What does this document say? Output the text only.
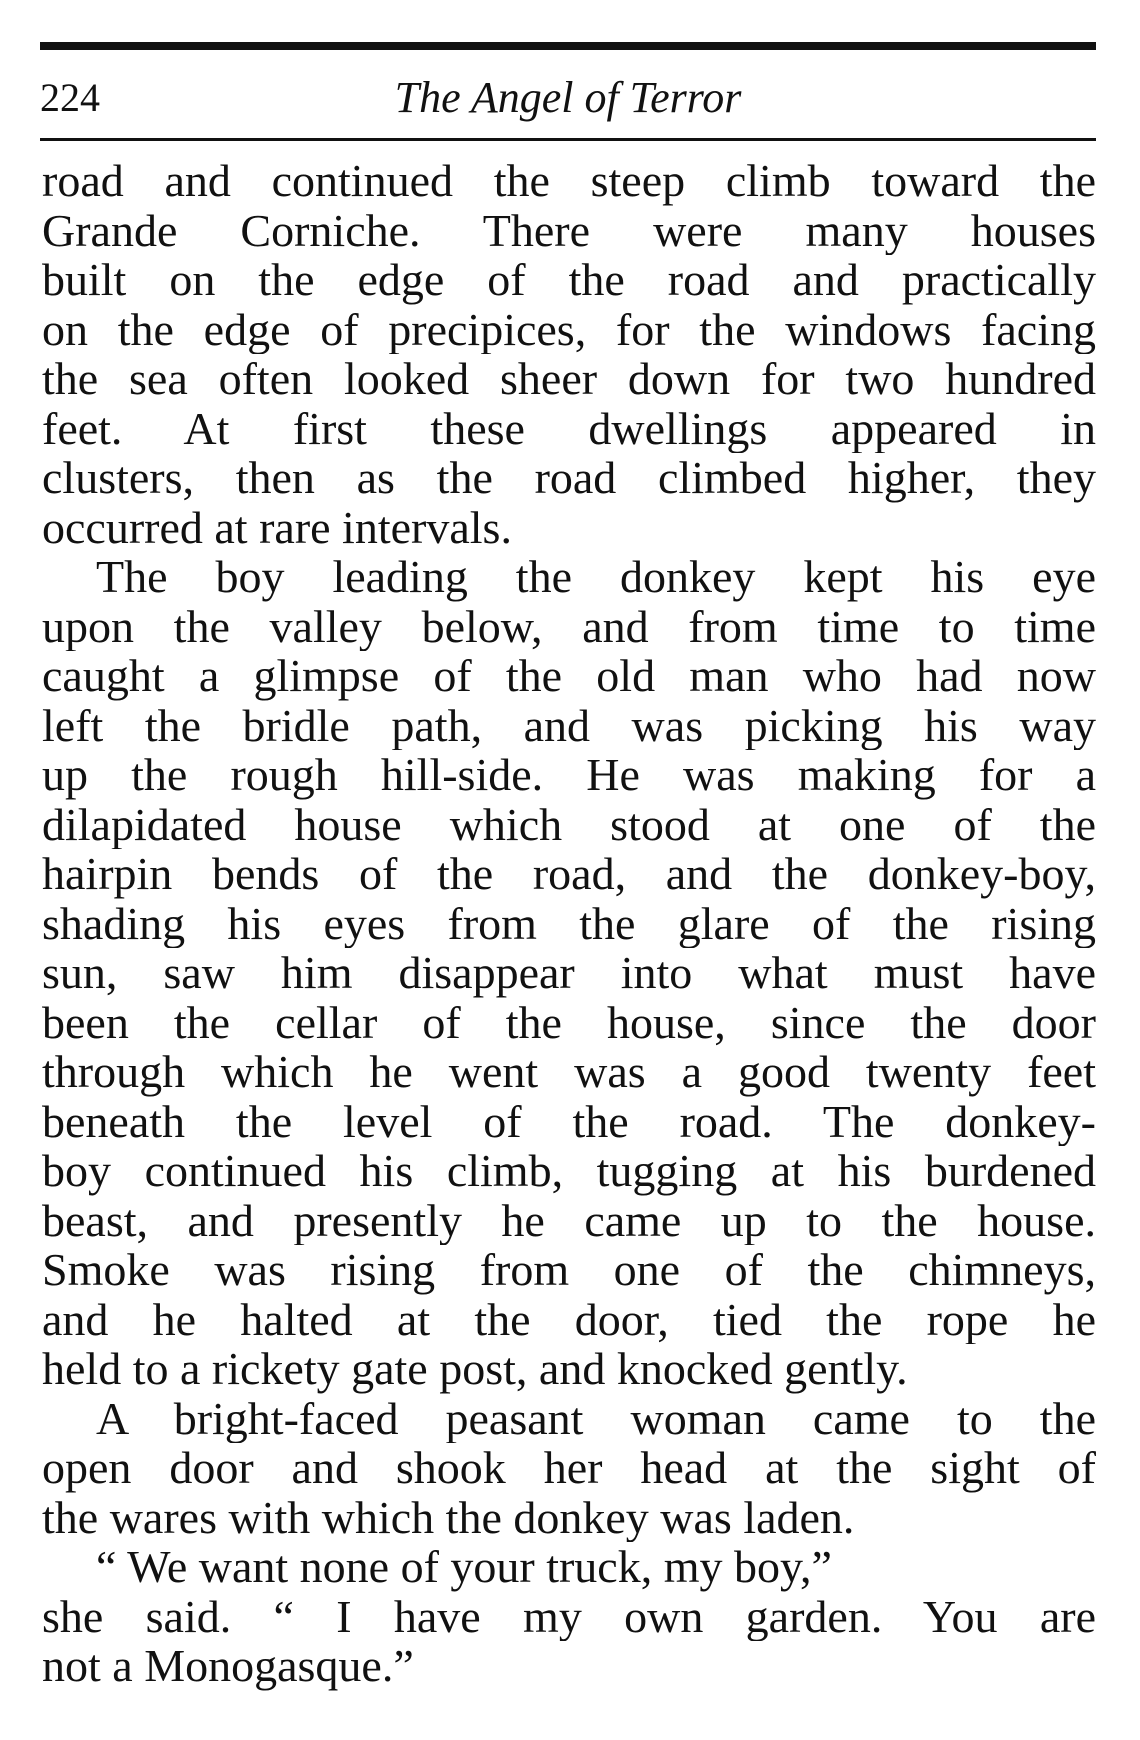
224	The Angel of Terror
road and continued the steep climb toward the
Grande Corniche. There were many houses
built on the edge of the road and practically
on the edge of precipices, for the windows facing
the sea often looked sheer down for two hundred
feet. At first these dwellings appeared in
clusters, then as the road climbed higher, they
occurred at rare intervals.
The boy leading the donkey kept his eye
upon the valley below, and from time to time
caught a glimpse of the old man who had now
left the bridle path, and was picking his way
up the rough hill-side. He was making for a
dilapidated house which stood at one of the
hairpin bends of the road, and the donkey-boy,
shading his eyes from the glare of the rising
sun, saw him disappear into what must have
been the cellar of the house, since the door
through which he went was a good twenty feet
beneath the level of the road. The donkey-
boy continued his climb, tugging at his burdened
beast, and presently he came up to the house.
Smoke was rising from one of the chimneys,
and he halted at the door, tied the rope he
held to a rickety gate post, and knocked gently.
A bright-faced peasant woman came to the
open door and shook her head at the sight of
the wares with which the donkey was laden.
“ We want none of your truck, my boy,”
she said. “ I have my own garden. You are
not a Monogasque.”
